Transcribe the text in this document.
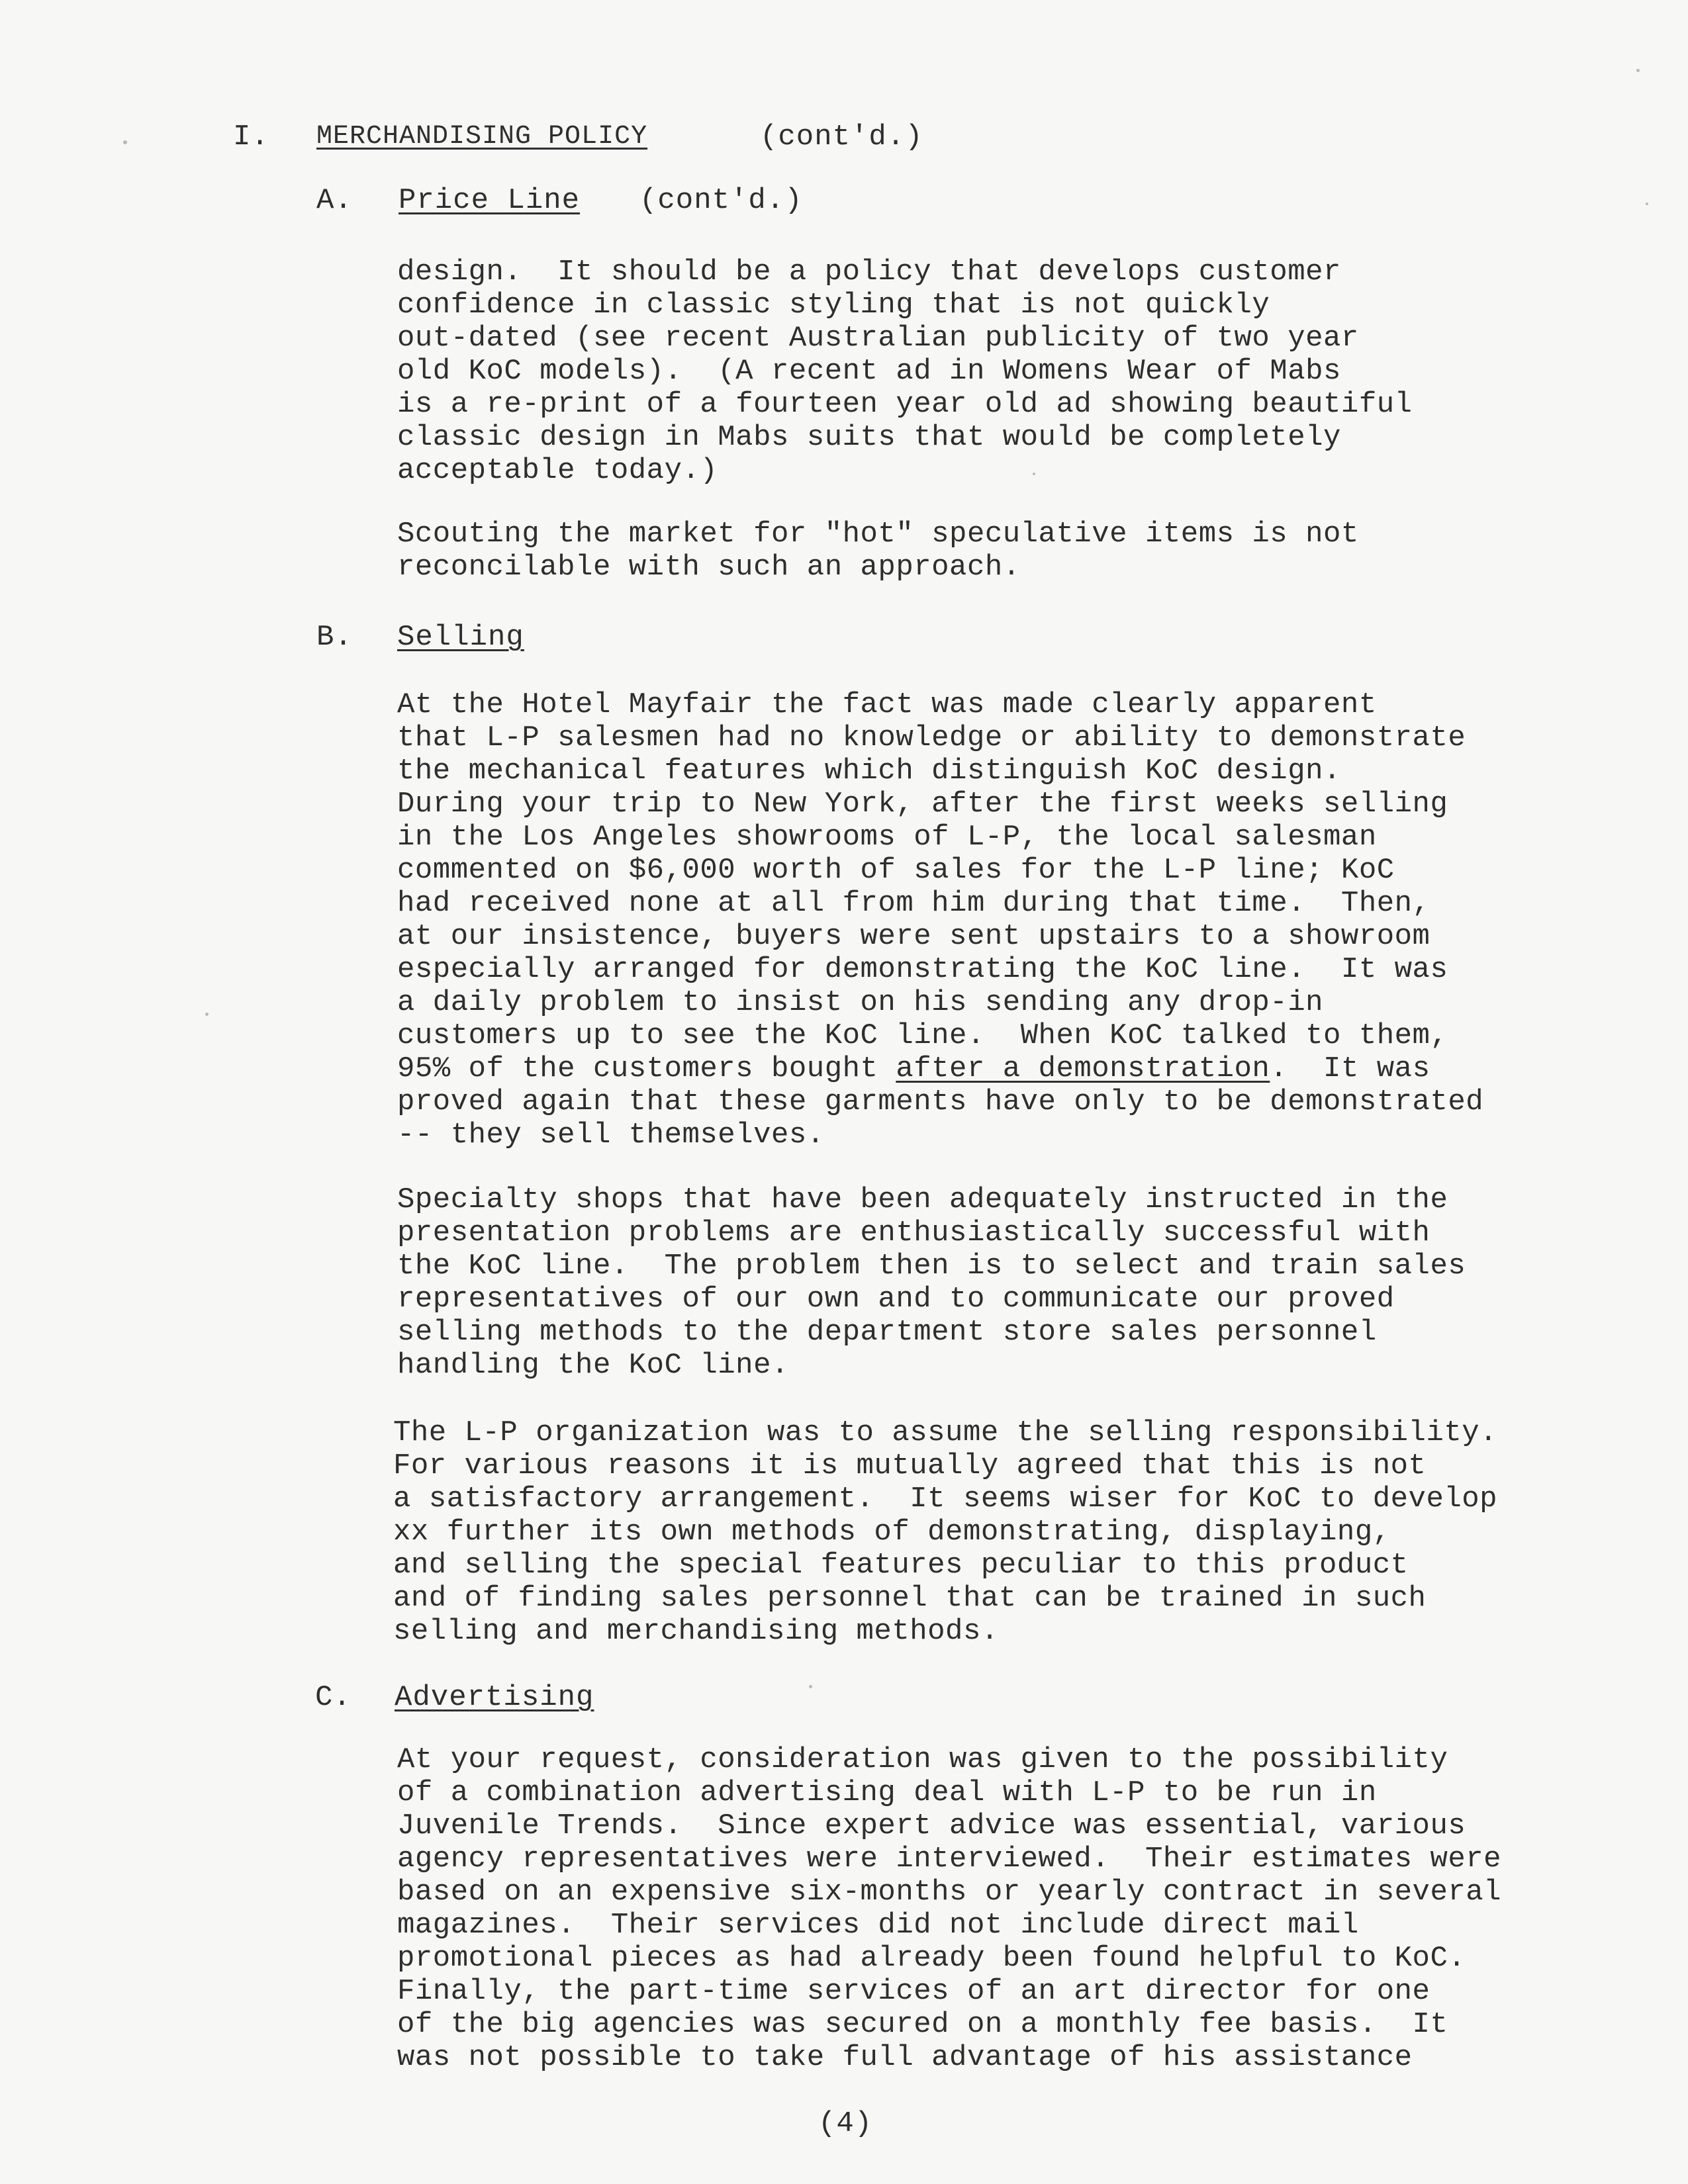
I. MERCHANDISING POLICY	(cont'd.)
A. Price Line (cont'd.)
design.  It should be a policy that develops customer
confidence in classic styling that is not quickly
out-dated (see recent Australian publicity of two year
old KoC models).  (A recent ad in Womens Wear of Mabs
is a re-print of a fourteen year old ad showing beautiful
classic design in Mabs suits that would be completely
acceptable today.)
Scouting the market for "hot" speculative items is not
reconcilable with such an approach.
B. Selling
At the Hotel Mayfair the fact was made clearly apparent
that L-P salesmen had no knowledge or ability to demonstrate
the mechanical features which distinguish KoC design.
During your trip to New York, after the first weeks selling
in the Los Angeles showrooms of L-P, the local salesman
commented on $6,000 worth of sales for the L-P line; KoC
had received none at all from him during that time.  Then,
at our insistence, buyers were sent upstairs to a showroom
especially arranged for demonstrating the KoC line.  It was
a daily problem to insist on his sending any drop-in
customers up to see the KoC line.  When KoC talked to them,
95% of the customers bought after a demonstration.  It was
proved again that these garments have only to be demonstrated
-- they sell themselves.
Specialty shops that have been adequately instructed in the
presentation problems are enthusiastically successful with
the KoC line.  The problem then is to select and train sales
representatives of our own and to communicate our proved
selling methods to the department store sales personnel
handling the KoC line.
The L-P organization was to assume the selling responsibility.
For various reasons it is mutually agreed that this is not
a satisfactory arrangement.  It seems wiser for KoC to develop
xx further its own methods of demonstrating, displaying,
and selling the special features peculiar to this product
and of finding sales personnel that can be trained in such
selling and merchandising methods.
C. Advertising
At your request, consideration was given to the possibility
of a combination advertising deal with L-P to be run in
Juvenile Trends.  Since expert advice was essential, various
agency representatives were interviewed.  Their estimates were
based on an expensive six-months or yearly contract in several
magazines.  Their services did not include direct mail
promotional pieces as had already been found helpful to KoC.
Finally, the part-time services of an art director for one
of the big agencies was secured on a monthly fee basis.  It
was not possible to take full advantage of his assistance
(4)
